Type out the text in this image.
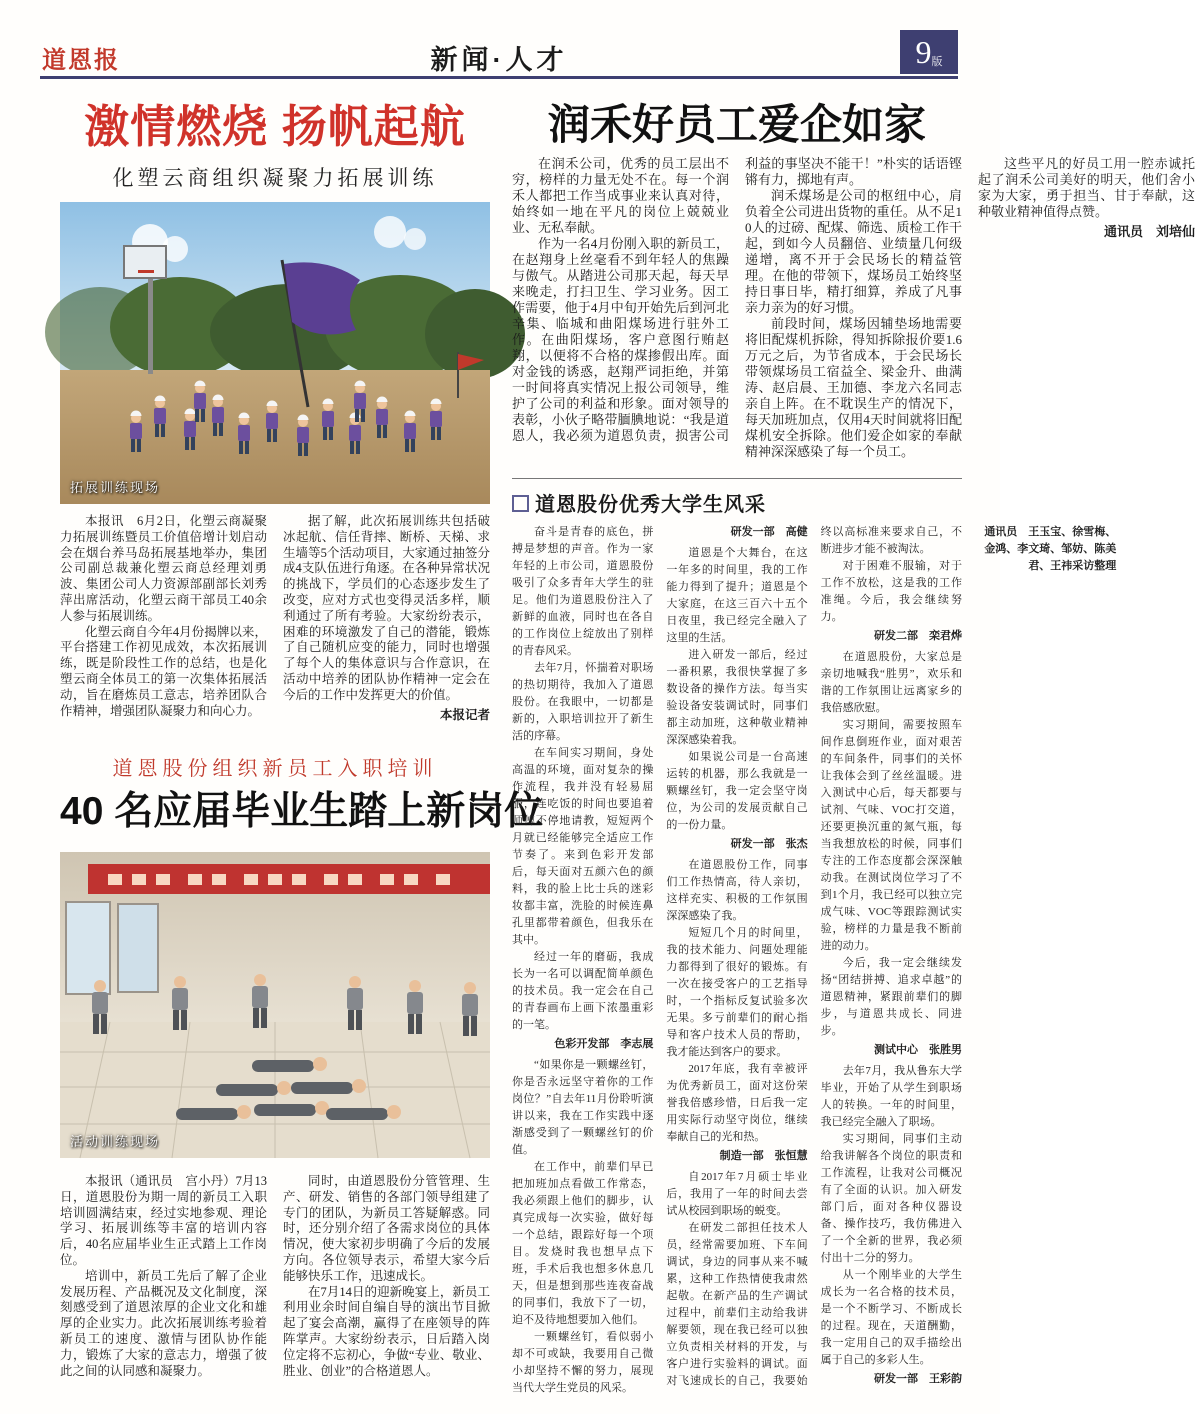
道恩报	新闻·人才	9版
激情燃烧 扬帆起航
化塑云商组织凝聚力拓展训练
拓展训练现场

本报讯　6月2日，化塑云商凝聚力拓展训练暨员工价值倍增计划启动会在烟台养马岛拓展基地举办，集团公司副总裁兼化塑云商总经理刘勇波、集团公司人力资源部副部长刘秀萍出席活动，化塑云商干部员工40余人参与拓展训练。

化塑云商自今年4月份揭牌以来，平台搭建工作初见成效，本次拓展训练，既是阶段性工作的总结，也是化塑云商全体员工的第一次集体拓展活动，旨在磨炼员工意志，培养团队合作精神，增强团队凝聚力和向心力。

据了解，此次拓展训练共包括破冰起航、信任背摔、断桥、天梯、求生墙等5个活动项目，大家通过抽签分成4支队伍进行角逐。在各种异常状况的挑战下，学员们的心态逐步发生了改变，应对方式也变得灵活多样，顺利通过了所有考验。大家纷纷表示，困难的环境激发了自己的潜能，锻炼了自己随机应变的能力，同时也增强了每个人的集体意识与合作意识，在活动中培养的团队协作精神一定会在今后的工作中发挥更大的价值。

本报记者

道恩股份组织新员工入职培训
40 名应届毕业生踏上新岗位
活动训练现场

本报讯（通讯员　宫小丹）7月13日，道恩股份为期一周的新员工入职培训圆满结束，经过实地参观、理论学习、拓展训练等丰富的培训内容后，40名应届毕业生正式踏上工作岗位。

培训中，新员工先后了解了企业发展历程、产品概况及文化制度，深刻感受到了道恩浓厚的企业文化和雄厚的企业实力。此次拓展训练考验着新员工的速度、激情与团队协作能力，锻炼了大家的意志力，增强了彼此之间的认同感和凝聚力。

同时，由道恩股份分管管理、生产、研发、销售的各部门领导组建了专门的团队，为新员工答疑解惑。同时，还分别介绍了各需求岗位的具体情况，使大家初步明确了今后的发展方向。各位领导表示，希望大家今后能够快乐工作，迅速成长。

在7月14日的迎新晚宴上，新员工利用业余时间自编自导的演出节目掀起了宴会高潮，赢得了在座领导的阵阵掌声。大家纷纷表示，日后踏入岗位定将不忘初心，争做“专业、敬业、胜业、创业”的合格道恩人。

润禾好员工爱企如家

在润禾公司，优秀的员工层出不穷，榜样的力量无处不在。每一个润禾人都把工作当成事业来认真对待，始终如一地在平凡的岗位上兢兢业业、无私奉献。

作为一名4月份刚入职的新员工，在赵翔身上丝毫看不到年轻人的焦躁与傲气。从踏进公司那天起，每天早来晚走，打扫卫生、学习业务。因工作需要，他于4月中旬开始先后到河北辛集、临城和曲阳煤场进行驻外工作。在曲阳煤场，客户意图行贿赵翔，以便将不合格的煤掺假出库。面对金钱的诱惑，赵翔严词拒绝，并第一时间将真实情况上报公司领导，维护了公司的利益和形象。面对领导的表彰，小伙子略带腼腆地说：“我是道恩人，我必须为道恩负责，损害公司利益的事坚决不能干！”朴实的话语铿锵有力，掷地有声。

润禾煤场是公司的枢纽中心，肩负着全公司进出货物的重任。从不足10人的过磅、配煤、筛选、质检工作干起，到如今人员翻倍、业绩量几何级递增，离不开于会民场长的精益管理。在他的带领下，煤场员工始终坚持日事日毕，精打细算，养成了凡事亲力亲为的好习惯。

前段时间，煤场因辅垫场地需要将旧配煤机拆除，得知拆除报价要1.6万元之后，为节省成本，于会民场长带领煤场员工宿益全、梁金升、曲满涛、赵启晨、王加德、李龙六名同志亲自上阵。在不耽误生产的情况下，每天加班加点，仅用4天时间就将旧配煤机安全拆除。他们爱企如家的奉献精神深深感染了每一个员工。

这些平凡的好员工用一腔赤诚托起了润禾公司美好的明天，他们舍小家为大家，勇于担当、甘于奉献，这种敬业精神值得点赞。

通讯员　刘培仙

道恩股份优秀大学生风采

奋斗是青春的底色，拼搏是梦想的声音。作为一家年轻的上市公司，道恩股份吸引了众多青年大学生的驻足。他们为道恩股份注入了新鲜的血液，同时也在各自的工作岗位上绽放出了别样的青春风采。

去年7月，怀揣着对职场的热切期待，我加入了道恩股份。在我眼中，一切都是新的，入职培训拉开了新生活的序幕。

在车间实习期间，身处高温的环境，面对复杂的操作流程，我并没有轻易屈服，连吃饭的时间也要追着师傅不停地请教，短短两个月就已经能够完全适应工作节奏了。来到色彩开发部后，每天面对五颜六色的颜料，我的脸上比士兵的迷彩妆都丰富，洗脸的时候连鼻孔里都带着颜色，但我乐在其中。

经过一年的磨砺，我成长为一名可以调配简单颜色的技术员。我一定会在自己的青春画布上画下浓墨重彩的一笔。

色彩开发部　李志展

“如果你是一颗螺丝钉，你是否永远坚守着你的工作岗位？”自去年11月份聆听演讲以来，我在工作实践中逐渐感受到了一颗螺丝钉的价值。

在工作中，前辈们早已把加班加点看做工作常态，我必须跟上他们的脚步，认真完成每一次实验，做好每一个总结，跟踪好每一个项目。发烧时我也想早点下班，手术后我也想多休息几天，但是想到那些连夜奋战的同事们，我放下了一切，迫不及待地想要加入他们。

一颗螺丝钉，看似弱小却不可或缺，我要用自己微小却坚持不懈的努力，展现当代大学生党员的风采。

研发一部　高健

道恩是个大舞台，在这一年多的时间里，我的工作能力得到了提升；道恩是个大家庭，在这三百六十五个日夜里，我已经完全融入了这里的生活。

进入研发一部后，经过一番积累，我很快掌握了多数设备的操作方法。每当实验设备安装调试时，同事们都主动加班，这种敬业精神深深感染着我。

如果说公司是一台高速运转的机器，那么我就是一颗螺丝钉，我一定会坚守岗位，为公司的发展贡献自己的一份力量。

研发一部　张杰

在道恩股份工作，同事们工作热情高，待人亲切，这样充实、积极的工作氛围深深感染了我。

短短几个月的时间里，我的技术能力、问题处理能力都得到了很好的锻炼。有一次在接受客户的工艺指导时，一个指标反复试验多次无果。多亏前辈们的耐心指导和客户技术人员的帮助，我才能达到客户的要求。

2017年底，我有幸被评为优秀新员工，面对这份荣誉我倍感珍惜，日后我一定用实际行动坚守岗位，继续奉献自己的光和热。

制造一部　张恒慧

自2017年7月硕士毕业后，我用了一年的时间去尝试从校园到职场的蜕变。

在研发二部担任技术人员，经常需要加班、下车间调试，身边的同事从来不喊累，这种工作热情使我肃然起敬。在新产品的生产调试过程中，前辈们主动给我讲解要领，现在我已经可以独立负责相关材料的开发，与客户进行实验料的调试。面对飞速成长的自己，我要始终以高标准来要求自己，不断进步才能不被淘汰。

对于困难不服输，对于工作不放松，这是我的工作准绳。今后，我会继续努力。

研发二部　栾君烨

在道恩股份，大家总是亲切地喊我“胜男”，欢乐和谐的工作氛围让远离家乡的我倍感欣慰。

实习期间，需要按照车间作息倒班作业，面对艰苦的车间条件，同事们的关怀让我体会到了丝丝温暖。进入测试中心后，每天都要与试剂、气味、VOC打交道，还要更换沉重的氮气瓶，每当我想放松的时候，同事们专注的工作态度都会深深触动我。在测试岗位学习了不到1个月，我已经可以独立完成气味、VOC等跟踪测试实验，榜样的力量是我不断前进的动力。

今后，我一定会继续发扬“团结拼搏、追求卓越”的道恩精神，紧跟前辈们的脚步，与道恩共成长、同进步。

测试中心　张胜男

去年7月，我从鲁东大学毕业，开始了从学生到职场人的转换。一年的时间里，我已经完全融入了职场。

实习期间，同事们主动给我讲解各个岗位的职责和工作流程，让我对公司概况有了全面的认识。加入研发部门后，面对各种仪器设备、操作技巧，我仿佛进入了一个全新的世界，我必须付出十二分的努力。

从一个刚毕业的大学生成长为一名合格的技术员，是一个不断学习、不断成长的过程。现在，天道酬勤，我一定用自己的双手描绘出属于自己的多彩人生。

研发一部　王彩韵

通讯员　王玉宝、徐雪梅、金鸿、李文琦、邹妨、陈美君、王祎采访整理
